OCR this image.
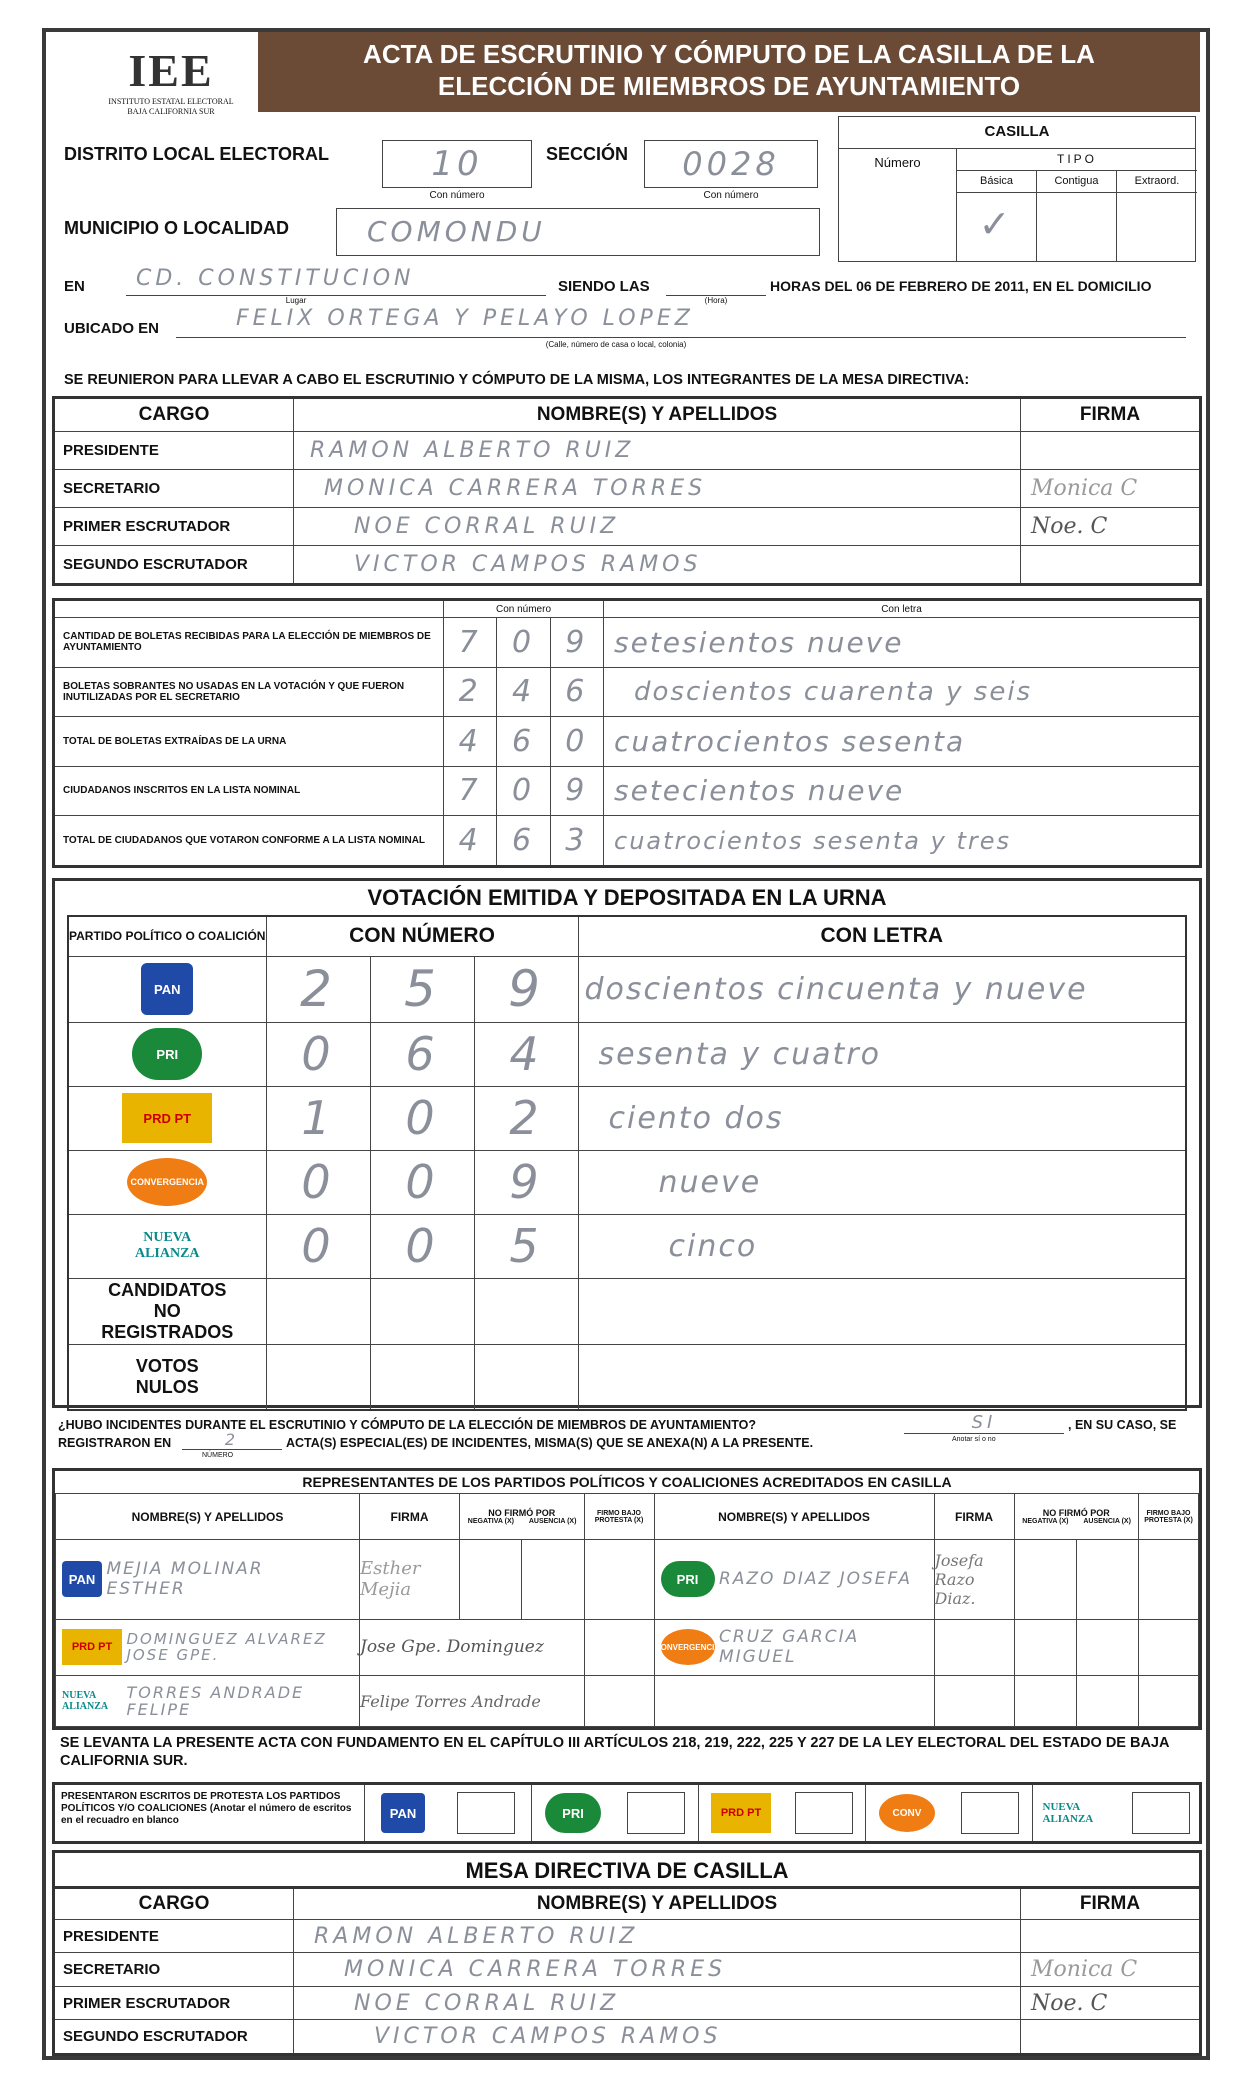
IEE
INSTITUTO ESTATAL ELECTORAL BAJA CALIFORNIA SUR
ACTA DE ESCRUTINIO Y CÓMPUTO DE LA CASILLA DE LA
ELECCIÓN DE MIEMBROS DE AYUNTAMIENTO
DISTRITO LOCAL ELECTORAL	10
Con número
SECCIÓN	0028
Con número
MUNICIPIO O LOCALIDAD	COMONDU
CASILLA
Número	TIPO
Básica
✓
Contigua	Extraord.
EN	CD. CONSTITUCION
Lugar
SIENDO LAS
(Hora)
HORAS DEL 06 DE FEBRERO DE 2011, EN EL DOMICILIO
UBICADO EN	FELIX ORTEGA Y PELAYO LOPEZ
(Calle, número de casa o local, colonia)
SE REUNIERON PARA LLEVAR A CABO EL ESCRUTINIO Y CÓMPUTO DE LA MISMA, LOS INTEGRANTES DE LA MESA DIRECTIVA:
CARGO	NOMBRE(S) Y APELLIDOS	FIRMA
PRESIDENTE	RAMON ALBERTO RUIZ	
SECRETARIO	MONICA CARRERA TORRES	Monica C
PRIMER ESCRUTADOR	NOE CORRAL RUIZ	Noe. C
SEGUNDO ESCRUTADOR	VICTOR CAMPOS RAMOS	
	Con número			Con letra
CANTIDAD DE BOLETAS RECIBIDAS PARA LA ELECCIÓN DE MIEMBROS DE AYUNTAMIENTO	7	0	9	setesientos nueve
BOLETAS SOBRANTES NO USADAS EN LA VOTACIÓN Y QUE FUERON INUTILIZADAS POR EL SECRETARIO	2	4	6	doscientos cuarenta y seis
TOTAL DE BOLETAS EXTRAÍDAS DE LA URNA	4	6	0	cuatrocientos sesenta
CIUDADANOS INSCRITOS EN LA LISTA NOMINAL	7	0	9	setecientos nueve
TOTAL DE CIUDADANOS QUE VOTARON CONFORME A LA LISTA NOMINAL	4	6	3	cuatrocientos sesenta y tres
VOTACIÓN EMITIDA Y DEPOSITADA EN LA URNA
PARTIDO POLÍTICO O COALICIÓN	CON NÚMERO			CON LETRA
PAN	2	5	9	doscientos cincuenta y nueve
PRI	0	6	4	sesenta y cuatro
PRD PT	1	0	2	ciento dos
CONVERGENCIA	0	0	9	nueve
NUEVA ALIANZA	0	0	5	cinco
CANDIDATOS NO REGISTRADOS				
VOTOS NULOS				
¿HUBO INCIDENTES DURANTE EL ESCRUTINIO Y CÓMPUTO DE LA ELECCIÓN DE MIEMBROS DE AYUNTAMIENTO?	SI	, EN SU CASO, SE
REGISTRARON EN	2	ACTA(S) ESPECIAL(ES) DE INCIDENTES, MISMA(S) QUE SE ANEXA(N) A LA PRESENTE.
NÚMERO
Anotar sí o no
REPRESENTANTES DE LOS PARTIDOS POLÍTICOS Y COALICIONES ACREDITADOS EN CASILLA
NOMBRE(S) Y APELLIDOS	FIRMA	NO FIRMÓ POR
NEGATIVA (X) AUSENCIA (X)		FIRMO BAJO PROTESTA (X)	NOMBRE(S) Y APELLIDOS	FIRMA	NO FIRMÓ POR
NEGATIVA (X) AUSENCIA (X)		FIRMO BAJO PROTESTA (X)
PAN MEJIA MOLINAR ESTHER	Esther Mejia				PRI RAZO DIAZ JOSEFA	Josefa Razo Diaz.			
PRD PT DOMINGUEZ ALVAREZ JOSE GPE.	Jose Gpe. Dominguez				CONVERGENCIA CRUZ GARCIA MIGUEL				
NUEVA ALIANZA TORRES ANDRADE FELIPE	Felipe Torres Andrade								
SE LEVANTA LA PRESENTE ACTA CON FUNDAMENTO EN EL CAPÍTULO III ARTÍCULOS 218, 219, 222, 225 Y 227 DE LA LEY ELECTORAL DEL ESTADO DE BAJA CALIFORNIA SUR.
PRESENTARON ESCRITOS DE PROTESTA LOS PARTIDOS POLÍTICOS Y/O COALICIONES (Anotar el número de escritos en el recuadro en blanco	PAN	PRI	PRD PT	CONV	NUEVA ALIANZA
MESA DIRECTIVA DE CASILLA
CARGO	NOMBRE(S) Y APELLIDOS	FIRMA
PRESIDENTE	RAMON ALBERTO RUIZ	
SECRETARIO	MONICA CARRERA TORRES	Monica C
PRIMER ESCRUTADOR	NOE CORRAL RUIZ	Noe. C
SEGUNDO ESCRUTADOR	VICTOR CAMPOS RAMOS	
